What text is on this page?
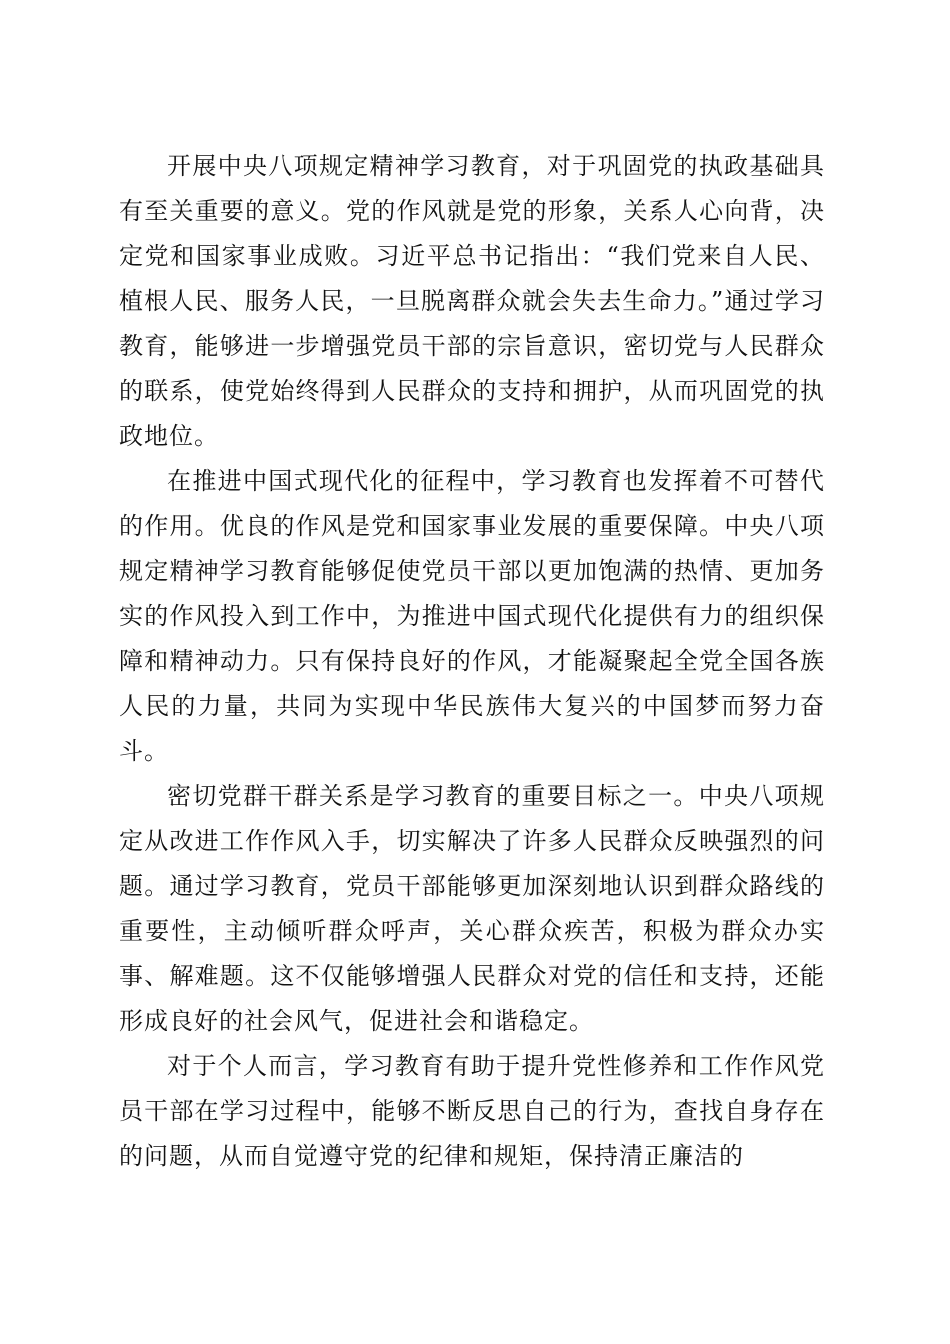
开展中央八项规定精神学习教育，对于巩固党的执政基础具有至关重要的意义。党的作风就是党的形象，关系人心向背，决定党和国家事业成败。习近平总书记指出：“我们党来自人民、植根人民、服务人民，一旦脱离群众就会失去生命力。”通过学习教育，能够进一步增强党员干部的宗旨意识，密切党与人民群众的联系，使党始终得到人民群众的支持和拥护，从而巩固党的执政地位。

在推进中国式现代化的征程中，学习教育也发挥着不可替代的作用。优良的作风是党和国家事业发展的重要保障。中央八项规定精神学习教育能够促使党员干部以更加饱满的热情、更加务实的作风投入到工作中，为推进中国式现代化提供有力的组织保障和精神动力。只有保持良好的作风，才能凝聚起全党全国各族人民的力量，共同为实现中华民族伟大复兴的中国梦而努力奋斗。

密切党群干群关系是学习教育的重要目标之一。中央八项规定从改进工作作风入手，切实解决了许多人民群众反映强烈的问题。通过学习教育，党员干部能够更加深刻地认识到群众路线的重要性，主动倾听群众呼声，关心群众疾苦，积极为群众办实事、解难题。这不仅能够增强人民群众对党的信任和支持，还能形成良好的社会风气，促进社会和谐稳定。

对于个人而言，学习教育有助于提升党性修养和工作作风党员干部在学习过程中，能够不断反思自己的行为，查找自身存在的问题，从而自觉遵守党的纪律和规矩，保持清正廉洁的
